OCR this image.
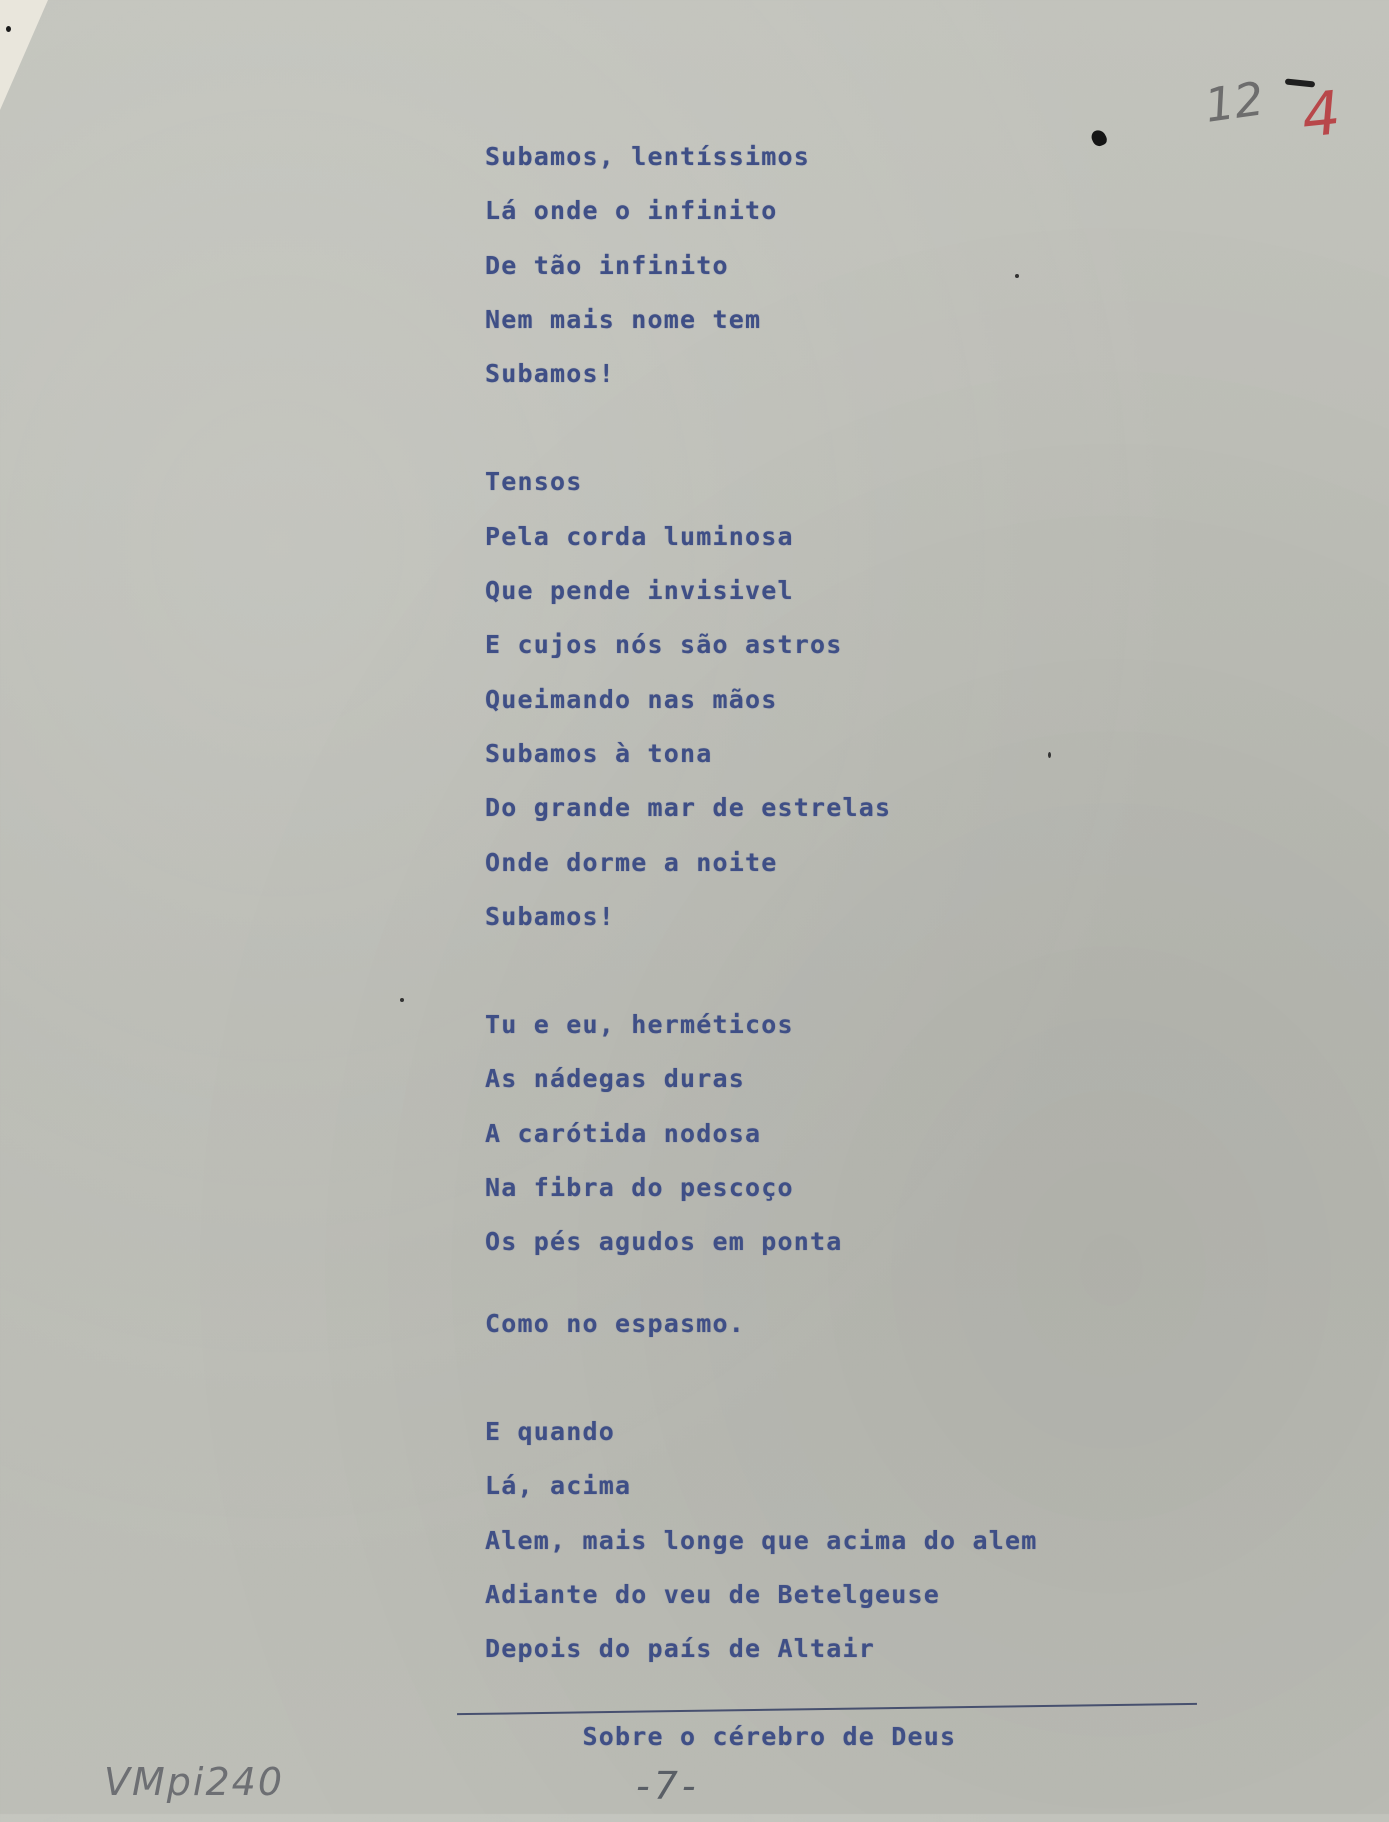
12 4
Subamos, lentíssimos
Lá onde o infinito
De tão infinito
Nem mais nome tem
Subamos!
Tensos
Pela corda luminosa
Que pende invisivel
E cujos nós são astros
Queimando nas mãos
Subamos à tona
Do grande mar de estrelas
Onde dorme a noite
Subamos!
Tu e eu, herméticos
As nádegas duras
A carótida nodosa
Na fibra do pescoço
Os pés agudos em ponta
Como no espasmo.
E quando
Lá, acima
Alem, mais longe que acima do alem
Adiante do veu de Betelgeuse
Depois do país de Altair

Sobre o cérebro de Deus

VMpi240	-7-
